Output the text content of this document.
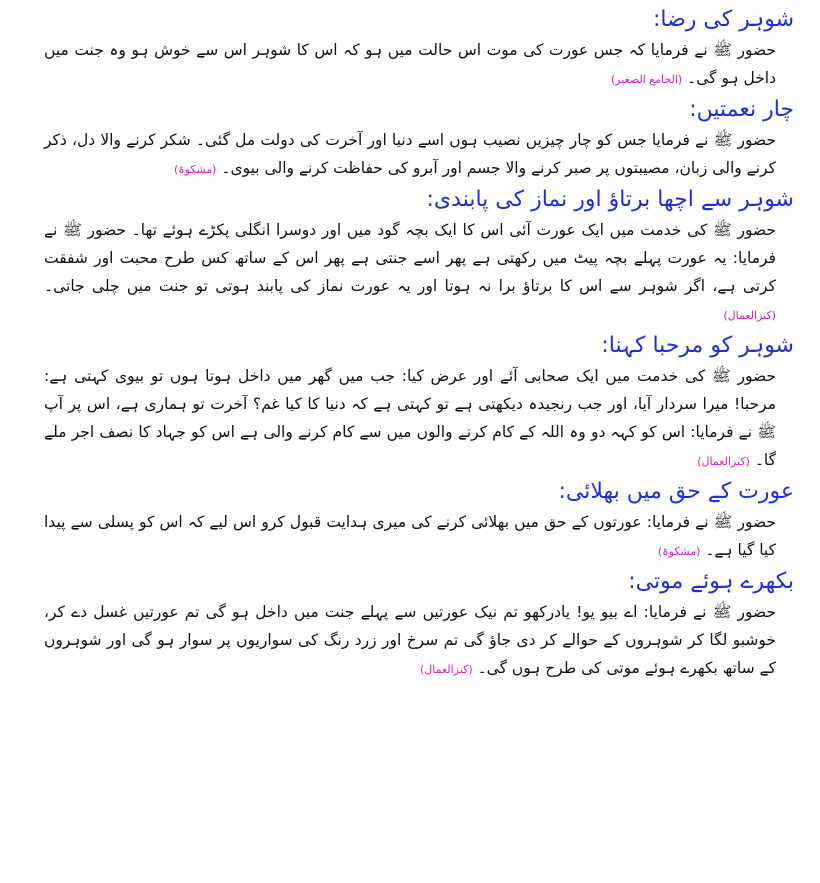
شوہر کی رضا:

حضور ﷺ نے فرمایا کہ جس عورت کی موت اس حالت میں ہو کہ اس کا شوہر اس سے خوش ہو وہ جنت میں داخل ہو گی۔ (الجامع الصغیر)

چار نعمتیں:

حضور ﷺ نے فرمایا جس کو چار چیزیں نصیب ہوں اسے دنیا اور آخرت کی دولت مل گئی۔ شکر کرنے والا دل، ذکر کرنے والی زبان، مصیبتوں پر صبر کرنے والا جسم اور آبرو کی حفاظت کرنے والی بیوی۔ (مشکوۃ)

شوہر سے اچھا برتاؤ اور نماز کی پابندی:

حضور ﷺ کی خدمت میں ایک عورت آئی اس کا ایک بچہ گود میں اور دوسرا انگلی پکڑے ہوئے تھا۔ حضور ﷺ نے فرمایا: یہ عورت پہلے بچہ پیٹ میں رکھتی ہے پھر اسے جنتی ہے پھر اس کے ساتھ کس طرح محبت اور شفقت کرتی ہے، اگر شوہر سے اس کا برتاؤ برا نہ ہوتا اور یہ عورت نماز کی پابند ہوتی تو جنت میں چلی جاتی۔ (کنزالعمال)

شوہر کو مرحبا کہنا:

حضور ﷺ کی خدمت میں ایک صحابی آئے اور عرض کیا: جب میں گھر میں داخل ہوتا ہوں تو بیوی کہتی ہے: مرحبا! میرا سردار آیا، اور جب رنجیدہ دیکھتی ہے تو کہتی ہے کہ دنیا کا کیا غم؟ آخرت تو ہماری ہے، اس پر آپ ﷺ نے فرمایا: اس کو کہہ دو وہ اللہ کے کام کرنے والوں میں سے کام کرنے والی ہے اس کو جہاد کا نصف اجر ملے گا۔ (کنزالعمال)

عورت کے حق میں بھلائی:

حضور ﷺ نے فرمایا: عورتوں کے حق میں بھلائی کرنے کی میری ہدایت قبول کرو اس لیے کہ اس کو پسلی سے پیدا کیا گیا ہے۔ (مشکوۃ)

بکھرے ہوئے موتی:

حضور ﷺ نے فرمایا: اے بیو یو! یادرکھو تم نیک عورتیں سے پہلے جنت میں داخل ہو گی تم عورتیں غسل دے کر، خوشبو لگا کر شوہروں کے حوالے کر دی جاؤ گی تم سرخ اور زرد رنگ کی سواریوں پر سوار ہو گی اور شوہروں کے ساتھ بکھرے ہوئے موتی کی طرح ہوں گی۔ (کنزالعمال)
